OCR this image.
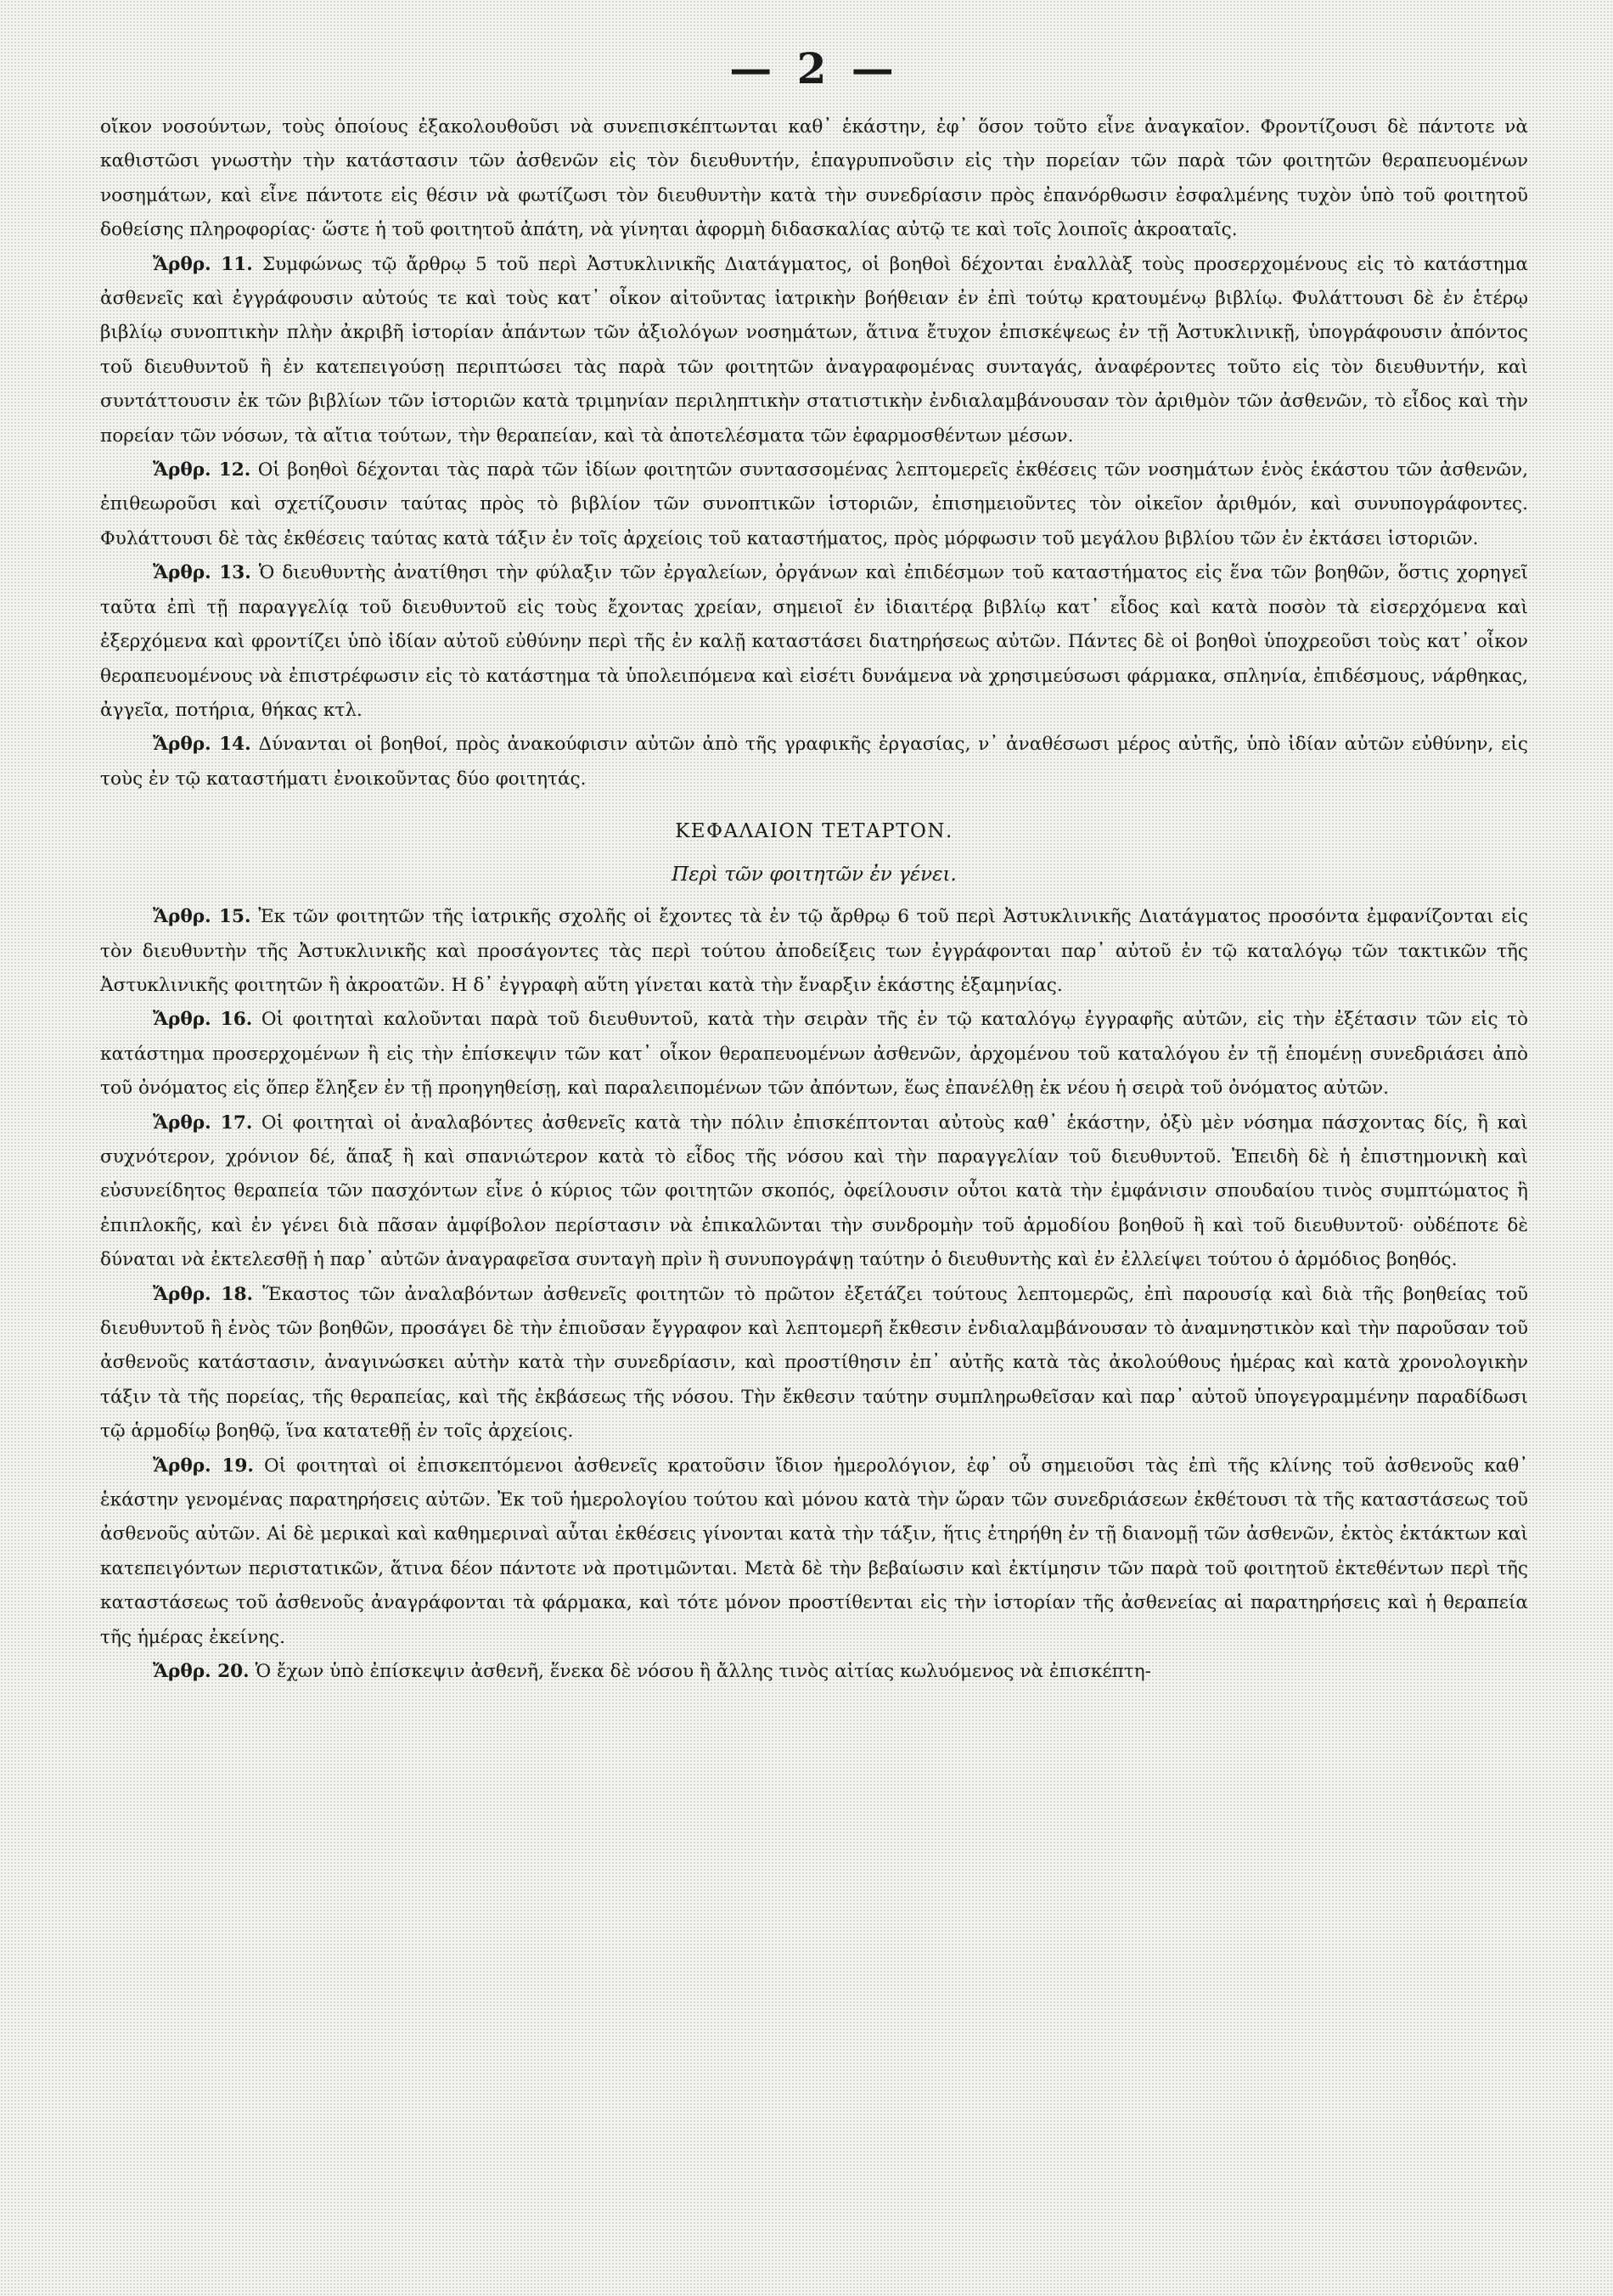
— 2 —

οἴκον νοσούντων, τοὺς ὁποίους ἐξακολουθοῦσι νὰ συνεπισκέπτωνται καθ᾿ ἑκάστην, ἐφ᾿ ὅσον τοῦτο εἶνε ἀναγκαῖον. Φροντίζουσι δὲ πάντοτε νὰ καθιστῶσι γνωστὴν τὴν κατάστασιν τῶν ἀσθενῶν εἰς τὸν διευθυντήν, ἐπαγρυπνοῦσιν εἰς τὴν πορείαν τῶν παρὰ τῶν φοιτητῶν θεραπευομένων νοσημάτων, καὶ εἶνε πάντοτε εἰς θέσιν νὰ φωτίζωσι τὸν διευθυντὴν κατὰ τὴν συνεδρίασιν πρὸς ἐπανόρθωσιν ἐσφαλμένης τυχὸν ὑπὸ τοῦ φοιτητοῦ δοθείσης πληροφορίας· ὥστε ἡ τοῦ φοιτητοῦ ἀπάτη, νὰ γίνηται ἀφορμὴ διδασκαλίας αὐτῷ τε καὶ τοῖς λοιποῖς ἀκροαταῖς.

Ἄρθρ. 11. Συμφώνως τῷ ἄρθρῳ 5 τοῦ περὶ Ἀστυκλινικῆς Διατάγματος, οἱ βοηθοὶ δέχονται ἐναλλὰξ τοὺς προσερχομένους εἰς τὸ κατάστημα ἀσθενεῖς καὶ ἐγγράφουσιν αὐτούς τε καὶ τοὺς κατ᾿ οἶκον αἰτοῦντας ἰατρικὴν βοήθειαν ἐν ἐπὶ τούτῳ κρατουμένῳ βιβλίῳ. Φυλάττουσι δὲ ἐν ἑτέρῳ βιβλίῳ συνοπτικὴν πλὴν ἀκριβῆ ἱστορίαν ἁπάντων τῶν ἀξιολόγων νοσημάτων, ἅτινα ἔτυχον ἐπισκέψεως ἐν τῇ Ἀστυκλινικῇ, ὑπογράφουσιν ἀπόντος τοῦ διευθυντοῦ ἢ ἐν κατεπειγούσῃ περιπτώσει τὰς παρὰ τῶν φοιτητῶν ἀναγραφομένας συνταγάς, ἀναφέροντες τοῦτο εἰς τὸν διευθυντήν, καὶ συντάττουσιν ἐκ τῶν βιβλίων τῶν ἱστοριῶν κατὰ τριμηνίαν περιληπτικὴν στατιστικὴν ἐνδιαλαμβάνουσαν τὸν ἀριθμὸν τῶν ἀσθενῶν, τὸ εἶδος καὶ τὴν πορείαν τῶν νόσων, τὰ αἴτια τούτων, τὴν θεραπείαν, καὶ τὰ ἀποτελέσματα τῶν ἐφαρμοσθέντων μέσων.

Ἄρθρ. 12. Οἱ βοηθοὶ δέχονται τὰς παρὰ τῶν ἰδίων φοιτητῶν συντασσομένας λεπτομερεῖς ἐκθέσεις τῶν νοσημάτων ἑνὸς ἑκάστου τῶν ἀσθενῶν, ἐπιθεωροῦσι καὶ σχετίζουσιν ταύτας πρὸς τὸ βιβλίον τῶν συνοπτικῶν ἱστοριῶν, ἐπισημειοῦντες τὸν οἰκεῖον ἀριθμόν, καὶ συνυπογράφοντες. Φυλάττουσι δὲ τὰς ἐκθέσεις ταύτας κατὰ τάξιν ἐν τοῖς ἀρχείοις τοῦ καταστήματος, πρὸς μόρφωσιν τοῦ μεγάλου βιβλίου τῶν ἐν ἐκτάσει ἱστοριῶν.

Ἄρθρ. 13. Ὁ διευθυντὴς ἀνατίθησι τὴν φύλαξιν τῶν ἐργαλείων, ὀργάνων καὶ ἐπιδέσμων τοῦ καταστήματος εἰς ἕνα τῶν βοηθῶν, ὅστις χορηγεῖ ταῦτα ἐπὶ τῇ παραγγελίᾳ τοῦ διευθυντοῦ εἰς τοὺς ἔχοντας χρείαν, σημειοῖ ἐν ἰδιαιτέρᾳ βιβλίῳ κατ᾿ εἶδος καὶ κατὰ ποσὸν τὰ εἰσερχόμενα καὶ ἐξερχόμενα καὶ φροντίζει ὑπὸ ἰδίαν αὐτοῦ εὐθύνην περὶ τῆς ἐν καλῇ καταστάσει διατηρήσεως αὐτῶν. Πάντες δὲ οἱ βοηθοὶ ὑποχρεοῦσι τοὺς κατ᾿ οἶκον θεραπευομένους νὰ ἐπιστρέφωσιν εἰς τὸ κατάστημα τὰ ὑπολειπόμενα καὶ εἰσέτι δυνάμενα νὰ χρησιμεύσωσι φάρμακα, σπληνία, ἐπιδέσμους, νάρθηκας, ἀγγεῖα, ποτήρια, θήκας κτλ.

Ἄρθρ. 14. Δύνανται οἱ βοηθοί, πρὸς ἀνακούφισιν αὐτῶν ἀπὸ τῆς γραφικῆς ἐργασίας, ν᾿ ἀναθέσωσι μέρος αὐτῆς, ὑπὸ ἰδίαν αὐτῶν εὐθύνην, εἰς τοὺς ἐν τῷ καταστήματι ἐνοικοῦντας δύο φοιτητάς.

ΚΕΦΑΛΑΙΟΝ ΤΕΤΑΡΤΟΝ.
Περὶ τῶν φοιτητῶν ἐν γένει.

Ἄρθρ. 15. Ἐκ τῶν φοιτητῶν τῆς ἰατρικῆς σχολῆς οἱ ἔχοντες τὰ ἐν τῷ ἄρθρῳ 6 τοῦ περὶ Ἀστυκλινικῆς Διατάγματος προσόντα ἐμφανίζονται εἰς τὸν διευθυντὴν τῆς Ἀστυκλινικῆς καὶ προσάγοντες τὰς περὶ τούτου ἀποδείξεις των ἐγγράφονται παρ᾿ αὐτοῦ ἐν τῷ καταλόγῳ τῶν τακτικῶν τῆς Ἀστυκλινικῆς φοιτητῶν ἢ ἀκροατῶν. Η δ᾿ ἐγγραφὴ αὕτη γίνεται κατὰ τὴν ἔναρξιν ἑκάστης ἑξαμηνίας.

Ἄρθρ. 16. Οἱ φοιτηταὶ καλοῦνται παρὰ τοῦ διευθυντοῦ, κατὰ τὴν σειρὰν τῆς ἐν τῷ καταλόγῳ ἐγγραφῆς αὐτῶν, εἰς τὴν ἐξέτασιν τῶν εἰς τὸ κατάστημα προσερχομένων ἢ εἰς τὴν ἐπίσκεψιν τῶν κατ᾿ οἶκον θεραπευομένων ἀσθενῶν, ἀρχομένου τοῦ καταλόγου ἐν τῇ ἑπομένῃ συνεδριάσει ἀπὸ τοῦ ὀνόματος εἰς ὅπερ ἔληξεν ἐν τῇ προηγηθείσῃ, καὶ παραλειπομένων τῶν ἀπόντων, ἕως ἐπανέλθῃ ἐκ νέου ἡ σειρὰ τοῦ ὀνόματος αὐτῶν.

Ἄρθρ. 17. Οἱ φοιτηταὶ οἱ ἀναλαβόντες ἀσθενεῖς κατὰ τὴν πόλιν ἐπισκέπτονται αὐτοὺς καθ᾿ ἑκάστην, ὀξὺ μὲν νόσημα πάσχοντας δίς, ἢ καὶ συχνότερον, χρόνιον δέ, ἅπαξ ἢ καὶ σπανιώτερον κατὰ τὸ εἶδος τῆς νόσου καὶ τὴν παραγγελίαν τοῦ διευθυντοῦ. Ἐπειδὴ δὲ ἡ ἐπιστημονικὴ καὶ εὐσυνείδητος θεραπεία τῶν πασχόντων εἶνε ὁ κύριος τῶν φοιτητῶν σκοπός, ὀφείλουσιν οὗτοι κατὰ τὴν ἐμφάνισιν σπουδαίου τινὸς συμπτώματος ἢ ἐπιπλοκῆς, καὶ ἐν γένει διὰ πᾶσαν ἀμφίβολον περίστασιν νὰ ἐπικαλῶνται τὴν συνδρομὴν τοῦ ἁρμοδίου βοηθοῦ ἢ καὶ τοῦ διευθυντοῦ· οὐδέποτε δὲ δύναται νὰ ἐκτελεσθῇ ἡ παρ᾿ αὐτῶν ἀναγραφεῖσα συνταγὴ πρὶν ἢ συνυπογράψῃ ταύτην ὁ διευθυντὴς καὶ ἐν ἐλλείψει τούτου ὁ ἁρμόδιος βοηθός.

Ἄρθρ. 18. Ἕκαστος τῶν ἀναλαβόντων ἀσθενεῖς φοιτητῶν τὸ πρῶτον ἐξετάζει τούτους λεπτομερῶς, ἐπὶ παρουσίᾳ καὶ διὰ τῆς βοηθείας τοῦ διευθυντοῦ ἢ ἑνὸς τῶν βοηθῶν, προσάγει δὲ τὴν ἐπιοῦσαν ἔγγραφον καὶ λεπτομερῆ ἔκθεσιν ἐνδιαλαμβάνουσαν τὸ ἀναμνηστικὸν καὶ τὴν παροῦσαν τοῦ ἀσθενοῦς κατάστασιν, ἀναγινώσκει αὐτὴν κατὰ τὴν συνεδρίασιν, καὶ προστίθησιν ἐπ᾿ αὐτῆς κατὰ τὰς ἀκολούθους ἡμέρας καὶ κατὰ χρονολογικὴν τάξιν τὰ τῆς πορείας, τῆς θεραπείας, καὶ τῆς ἐκβάσεως τῆς νόσου. Τὴν ἔκθεσιν ταύτην συμπληρωθεῖσαν καὶ παρ᾿ αὐτοῦ ὑπογεγραμμένην παραδίδωσι τῷ ἁρμοδίῳ βοηθῷ, ἵνα κατατεθῇ ἐν τοῖς ἀρχείοις.

Ἄρθρ. 19. Οἱ φοιτηταὶ οἱ ἐπισκεπτόμενοι ἀσθενεῖς κρατοῦσιν ἴδιον ἡμερολόγιον, ἐφ᾿ οὗ σημειοῦσι τὰς ἐπὶ τῆς κλίνης τοῦ ἀσθενοῦς καθ᾿ ἑκάστην γενομένας παρατηρήσεις αὐτῶν. Ἐκ τοῦ ἡμερολογίου τούτου καὶ μόνου κατὰ τὴν ὥραν τῶν συνεδριάσεων ἐκθέτουσι τὰ τῆς καταστάσεως τοῦ ἀσθενοῦς αὐτῶν. Αἱ δὲ μερικαὶ καὶ καθημεριναὶ αὗται ἐκθέσεις γίνονται κατὰ τὴν τάξιν, ἥτις ἐτηρήθη ἐν τῇ διανομῇ τῶν ἀσθενῶν, ἐκτὸς ἐκτάκτων καὶ κατεπειγόντων περιστατικῶν, ἅτινα δέον πάντοτε νὰ προτιμῶνται. Μετὰ δὲ τὴν βεβαίωσιν καὶ ἐκτίμησιν τῶν παρὰ τοῦ φοιτητοῦ ἐκτεθέντων περὶ τῆς καταστάσεως τοῦ ἀσθενοῦς ἀναγράφονται τὰ φάρμακα, καὶ τότε μόνον προστίθενται εἰς τὴν ἱστορίαν τῆς ἀσθενείας αἱ παρατηρήσεις καὶ ἡ θεραπεία τῆς ἡμέρας ἐκείνης.

Ἄρθρ. 20. Ὁ ἔχων ὑπὸ ἐπίσκεψιν ἀσθενῆ, ἕνεκα δὲ νόσου ἢ ἄλλης τινὸς αἰτίας κωλυόμενος νὰ ἐπισκέπτη-
